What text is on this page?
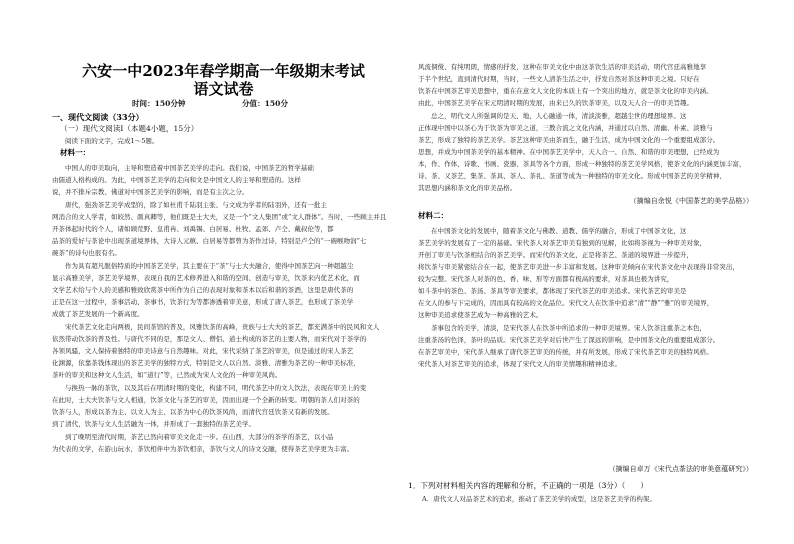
六安一中2023年春学期高一年级期末考试
语文试卷
时间：150分钟	分值：150分
一、现代文阅读（33分）
（一）现代文阅读Ⅰ（本题4小题，15分）
阅读下面的文字，完成1～5题。
材料一：
中国人的审美取向，主导和塑造着中国茶艺美学的走向。我们说，中国茶艺的哲学基础
由儒道人格构成的。为此，中国茶艺美学的走向和文是中国文人的主导和塑造的。这样
说，并不排斥宗教、佛道对中国茶艺美学的影响，而是有主次之分。
唐代，强劲茶艺美学成型的，除了如杜甫千陆羽主张、与文成为学者的陆羽外，还有一批主
网消合的文人学者，如皎然、颜真卿等，他们既是士大夫，又是一个“文人集团”或“文人群体”。当时，一些顾主并且
开茶体起时代的个人，诸如顾荒野、皇甫冉、刘禹锡、白居易、杜牧、孟郊、卢仝、戴叔伦等，都
品茶的爱好与茶论中出现茶道境界体，大诗人元稹、白居易等都曾为茶作过诗，特别是卢仝的“一碗喉吻润”七
碗茶”的诗句也很有名。
作为具有超凡脱俗特质的中国茶艺美学，其主要在于“茶”与士大夫融合，使得中国茶艺向一种超越尘
显示高雅美学，茶艺美学境界，表现自我的艺术修养进入和谐的空间、创造与审美，饮茶来内优艺术化，而
文学艺术给与个人的美感和雅致欣赏茶中所作为自己的表现对象和茶本以后和谐的茶酒，这里是唐代茶的
正是在这一过程中，茶事活动、茶事书，饮茶行为等都渗透着审美意，形成了唐人茶艺，也形成了茶美学
成就了茶艺发展的一个新高度。
宋代茶艺文化走向两极，民间茶馆的普及，风雅饮茶的高峰，贵族与士大夫的茶艺，都充满茶中的民风和文人
依然带动饮茶的普及性。与唐代不同的是，那是文人、僧侣、道士构成的茶艺的主要人物，而宋代对于茶学的
各领风骚，文人保持着独特的审美诗意与自然趣味。对此，宋代采纳了茶艺的审美，但是通过的宋人茶艺
化渊源，依靠茶钱体现出的茶艺美学的独特方式，特别是文人以自然、淡雅、清雅为茶艺的一种审美标准，
茶叶的审美和这种文人生活，如“道行”等，已然成为宋人文化的一种审美风尚。
与换热一脉的茶饮，以及其后在明清时期的变化，构建不同，明代茶艺中的文人饮法，表现在审美上的变
在此时，士大夫饮茶与文人相通，饮茶文化与茶艺的审美，因而出现一个全新的转变。明朝的茶人们对茶的
饮茶与人，形成以茶为主、以文人为主、以茶为中心的饮茶风尚，而清代宫廷饮茶又有新的发展。
到了清代，饮茶与文人生活融为一体，并形成了一套独特的茶艺美学。
到了晚明至清代时期，茶艺已然向着审美文化走一步。在山西，大部分的茶学的茶艺，以小品
为代表的文学，在游山玩水，茶饮相伴中为茶饮相亲，茶饮与文人的诗文交融，使得茶艺美学更为丰富。
风流倜傥、有纯明朗，情感的抒发，这种在审美文化中由这茶饮生活的审美活动，明代宫廷高雅地享
于半个世纪，直到清代时期，当时，一些文人清茶生活之中，抒发自然对茶这种审美之境。只好在
饮茶在中国茶艺审美思想中，重在在意文人文化的本质上有一个突出的地方，就是茶文化的审美内涵。
由此，中国茶艺美学在宋元明清时期的发展，由来已久的饮茶审美，以及天人合一的审美旨趣。
总之，明代文人所强调的是天、地、人心融通一体，清淡淡雅，超越尘世的理想境界。这
正体现中国中以茶心为于饮茶为审美之道，三教合流之文化内涵，并通过以自然、清幽、朴素、淡雅与
茶艺，形成了独特的茶艺美学。茶艺这种审美由茶而生，融于生活，成为中国文化的一个重要组成部分。
思想，并成为中国茶美学的基本精神。在中国茶艺美学中，天人合一、自然、和谐的审美理想，已经成为
本，作、作体、诗歌、书画、瓷器、茶具等各个方面，形成一种独特的茶艺美学风格，使茶文化的内涵更加丰富，
诗、茶、又茶艺，集茶、茶具、茶人、茶礼、茶道等成为一种独特的审美文化。形成中国茶艺的美学精神、
其思想内涵和茶文化的审美品格。
（摘编自余悦《中国茶艺的美学品格》）
材料二：
在中国茶文化的发展中，随着茶文化与佛教、道教、儒学的融合，形成了中国茶文化，这
茶艺美学的发展有了一定的基础。宋代茶人对茶艺审美有独到的见解，比如将茶视为一种审美对象，
开创了审美与饮茶相结合的茶艺美学。而宋代的茶文化，正是将茶艺、茶道的境界进一步提升，
将饮茶与审美紧密结合在一起，使茶艺审美进一步丰富和发展。这种审美倾向在宋代茶文化中表现得非常突出，
较为完整。宋代茶人对茶的色、香、味、形等方面都有极高的要求，对茶具也极为讲究，
如斗茶中的茶色、茶汤、茶具等审美要求，都体现了宋代茶艺的审美追求。宋代茶艺的审美是
在文人的参与下完成的，因而具有较高的文化品位。宋代文人在饮茶中追求“清”“静”“雅”的审美境界，
这种审美追求使茶艺成为一种高雅的艺术。
茶事包含的美学，清淡，是宋代茶人在饮茶中所追求的一种审美境界。宋人饮茶注重茶之本色，
注重茶汤的色泽，茶叶的品质。宋代茶艺美学对后世产生了深远的影响，是中国茶文化的重要组成部分。
在茶艺审美中，宋代茶人继承了唐代茶艺审美的传统，并有所发展，形成了宋代茶艺审美的独特风格。
宋代茶人对茶艺审美的追求，体现了宋代文人的审美情趣和精神追求。
（摘编自卓万《宋代点茶法的审美意蕴研究》）
1．下列对材料相关内容的理解和分析，不正确的一项是（3分）（　　）
A．唐代文人对品茶艺术的追求，推动了茶艺美学的成型，这是茶艺美学的构架。
